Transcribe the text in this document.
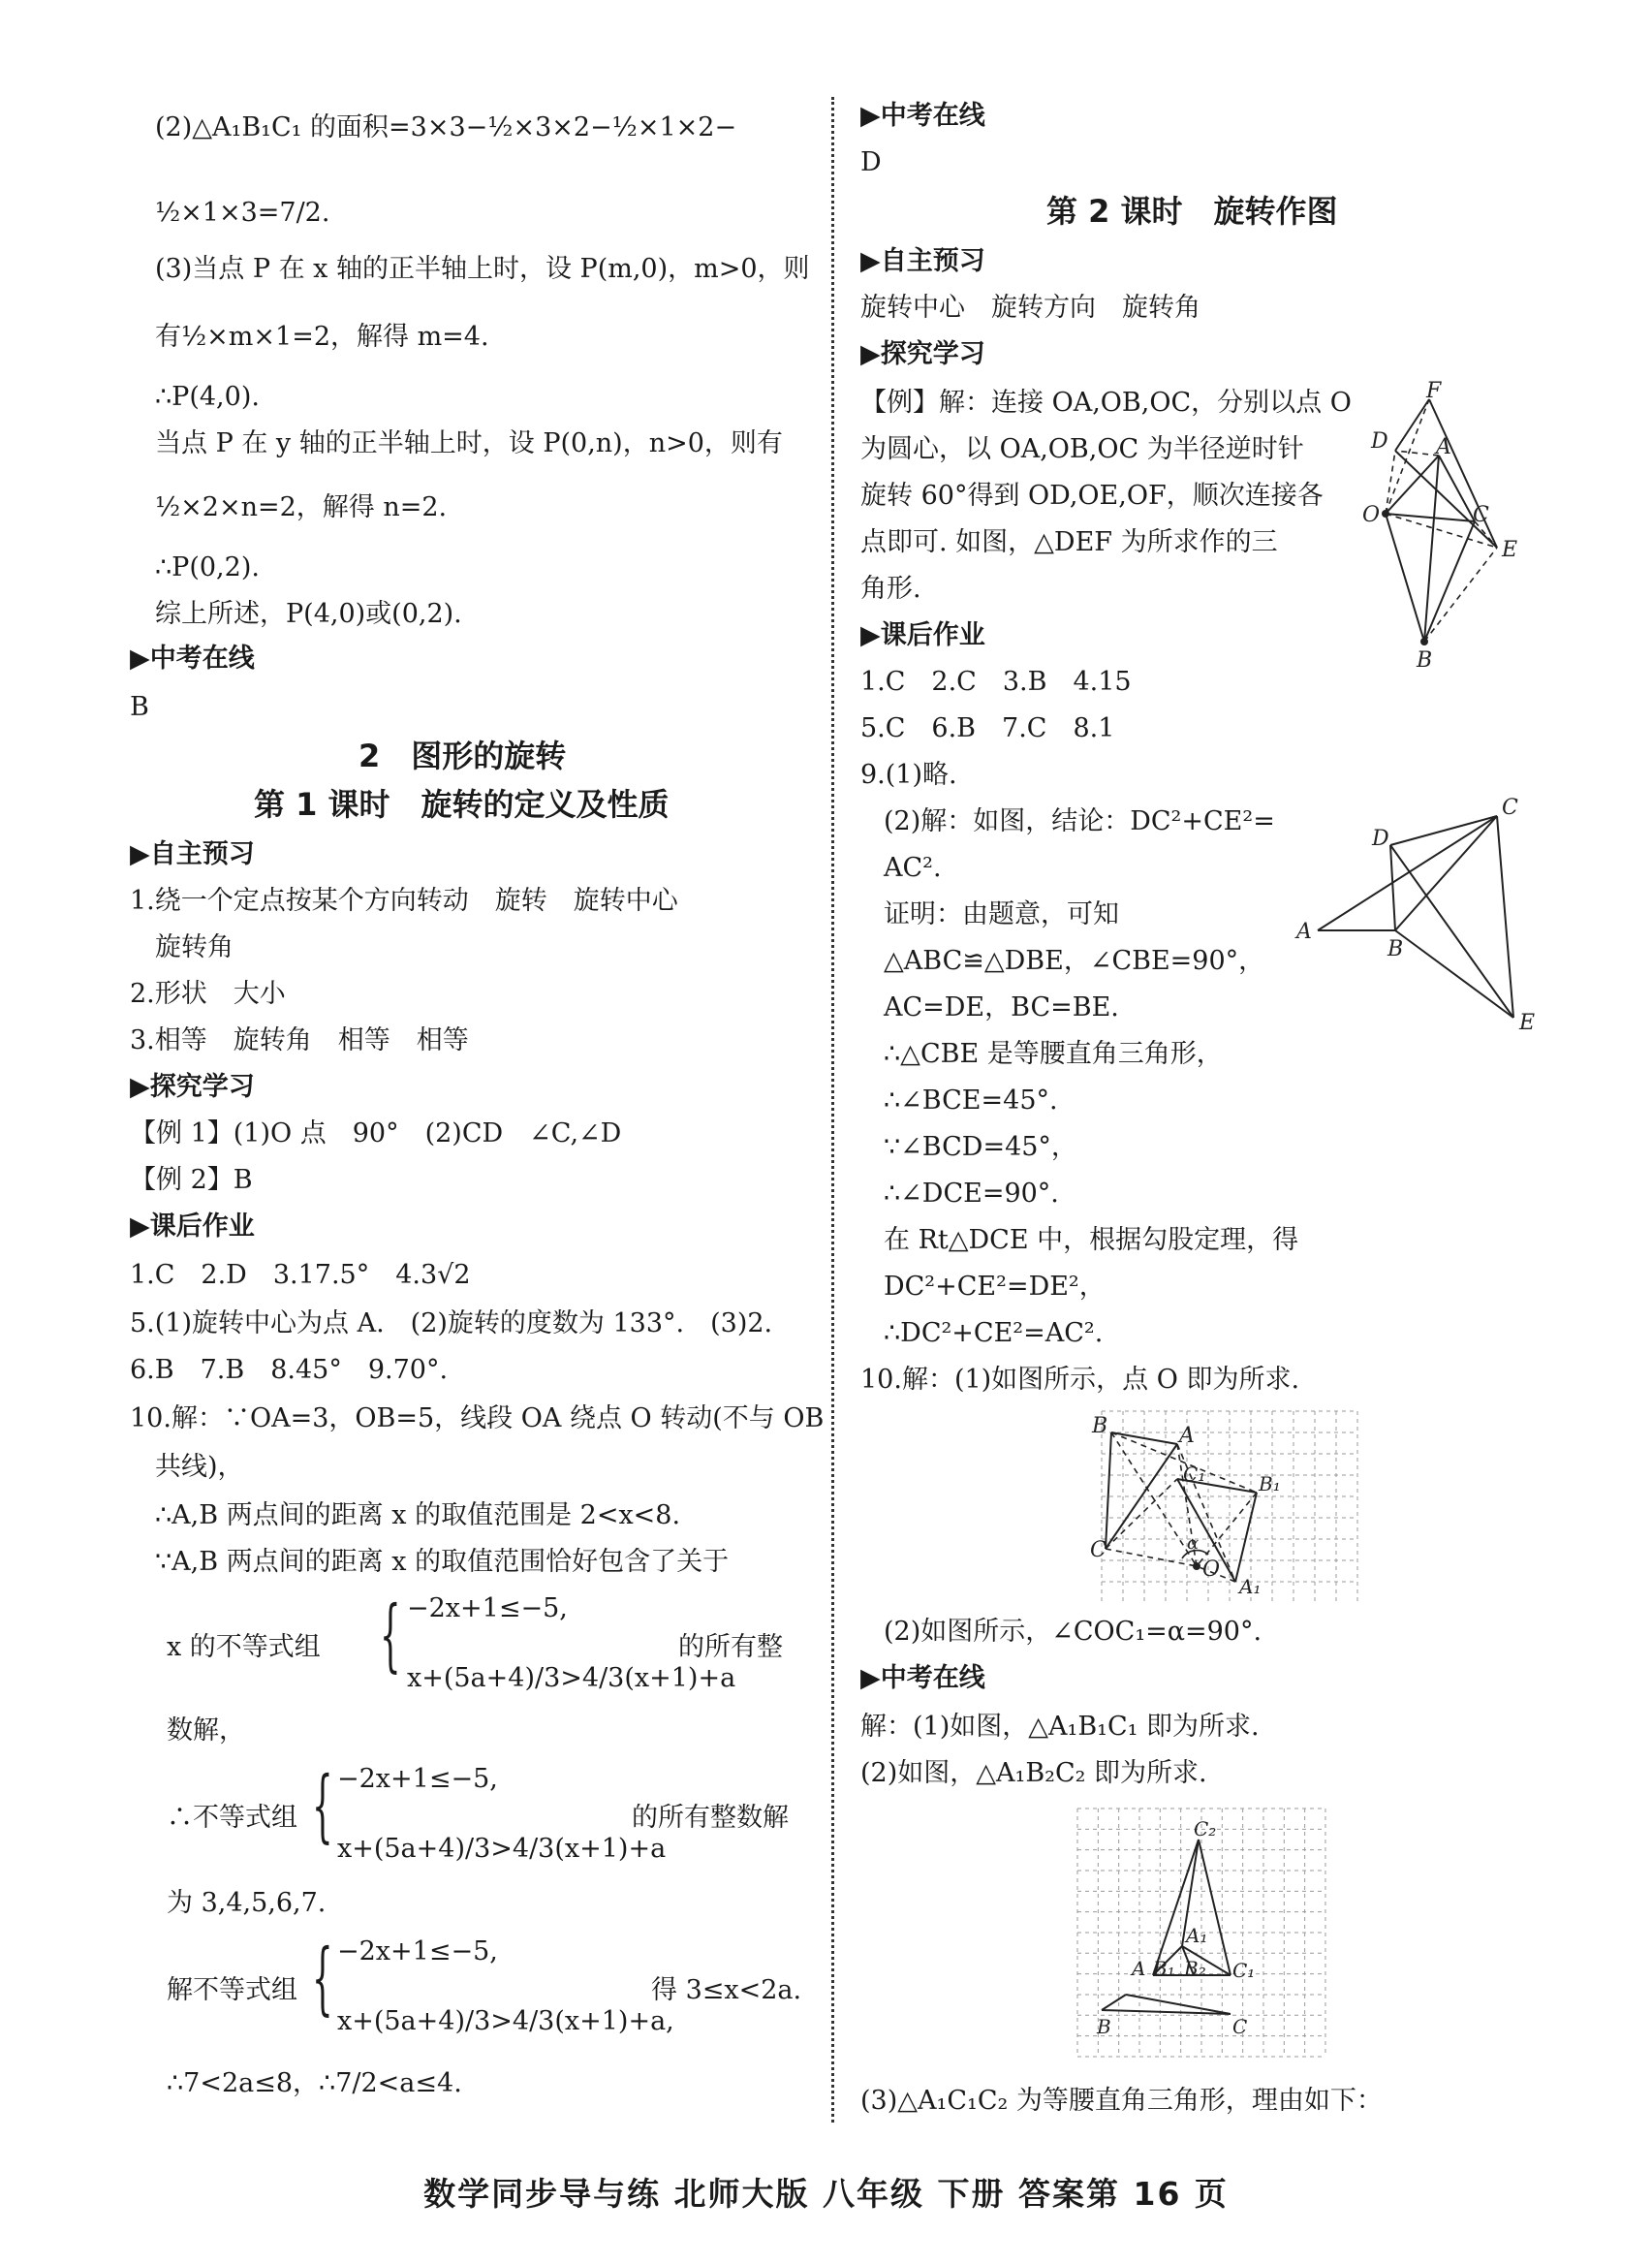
(2)△A₁B₁C₁ 的面积=3×3−½×3×2−½×1×2−
½×1×3=7/2.
(3)当点 P 在 x 轴的正半轴上时，设 P(m,0)，m>0，则
有½×m×1=2，解得 m=4.
∴P(4,0).
当点 P 在 y 轴的正半轴上时，设 P(0,n)，n>0，则有
½×2×n=2，解得 n=2.
∴P(0,2).
综上所述，P(4,0)或(0,2).
▶中考在线
B
2　图形的旋转
第 1 课时　旋转的定义及性质
▶自主预习
1.绕一个定点按某个方向转动　旋转　旋转中心
旋转角
2.形状　大小
3.相等　旋转角　相等　相等
▶探究学习
【例 1】(1)O 点　90°　(2)CD　∠C,∠D
【例 2】B
▶课后作业
1.C　2.D　3.17.5°　4.3√2
5.(1)旋转中心为点 A.　(2)旋转的度数为 133°.　(3)2.
6.B　7.B　8.45°　9.70°.
10.解：∵OA=3，OB=5，线段 OA 绕点 O 转动(不与 OB
共线)，
∴A,B 两点间的距离 x 的取值范围是 2<x<8.
∵A,B 两点间的距离 x 的取值范围恰好包含了关于
x 的不等式组 { −2x+1≤−5,
x+(5a+4)/3>4/3(x+1)+a
的所有整
数解，
∴不等式组 { −2x+1≤−5,
x+(5a+4)/3>4/3(x+1)+a
的所有整数解
为 3,4,5,6,7.
解不等式组 { −2x+1≤−5,
x+(5a+4)/3>4/3(x+1)+a,
得 3≤x<2a.
∴7<2a≤8，∴7/2<a≤4.
▶中考在线
D
第 2 课时　旋转作图
▶自主预习
旋转中心　旋转方向　旋转角
▶探究学习
【例】解：连接 OA,OB,OC，分别以点 O
为圆心，以 OA,OB,OC 为半径逆时针
旋转 60°得到 OD,OE,OF，顺次连接各
点即可. 如图，△DEF 为所求作的三
角形.
F
D A
O	C
E
B
▶课后作业
1.C　2.C　3.B　4.15
5.C　6.B　7.C　8.1
9.(1)略.
(2)解：如图，结论：DC²+CE²=
AC².
证明：由题意，可知
△ABC≌△DBE，∠CBE=90°，
AC=DE，BC=BE.
∴△CBE 是等腰直角三角形，
∴∠BCE=45°.
∵∠BCD=45°，
∴∠DCE=90°.
在 Rt△DCE 中，根据勾股定理，得
DC²+CE²=DE²，
∴DC²+CE²=AC².
10.解：(1)如图所示，点 O 即为所求.
C
D
A
B
E
B	A
C₁	B₁
C	α
O
A₁
(2)如图所示，∠COC₁=α=90°.
▶中考在线
解：(1)如图，△A₁B₁C₁ 即为所求.
(2)如图，△A₁B₂C₂ 即为所求.
C₂
A₁
A B₁ B₂ C₁
B	C
(3)△A₁C₁C₂ 为等腰直角三角形，理由如下：
数学同步导与练 北师大版 八年级 下册 答案第 16 页
